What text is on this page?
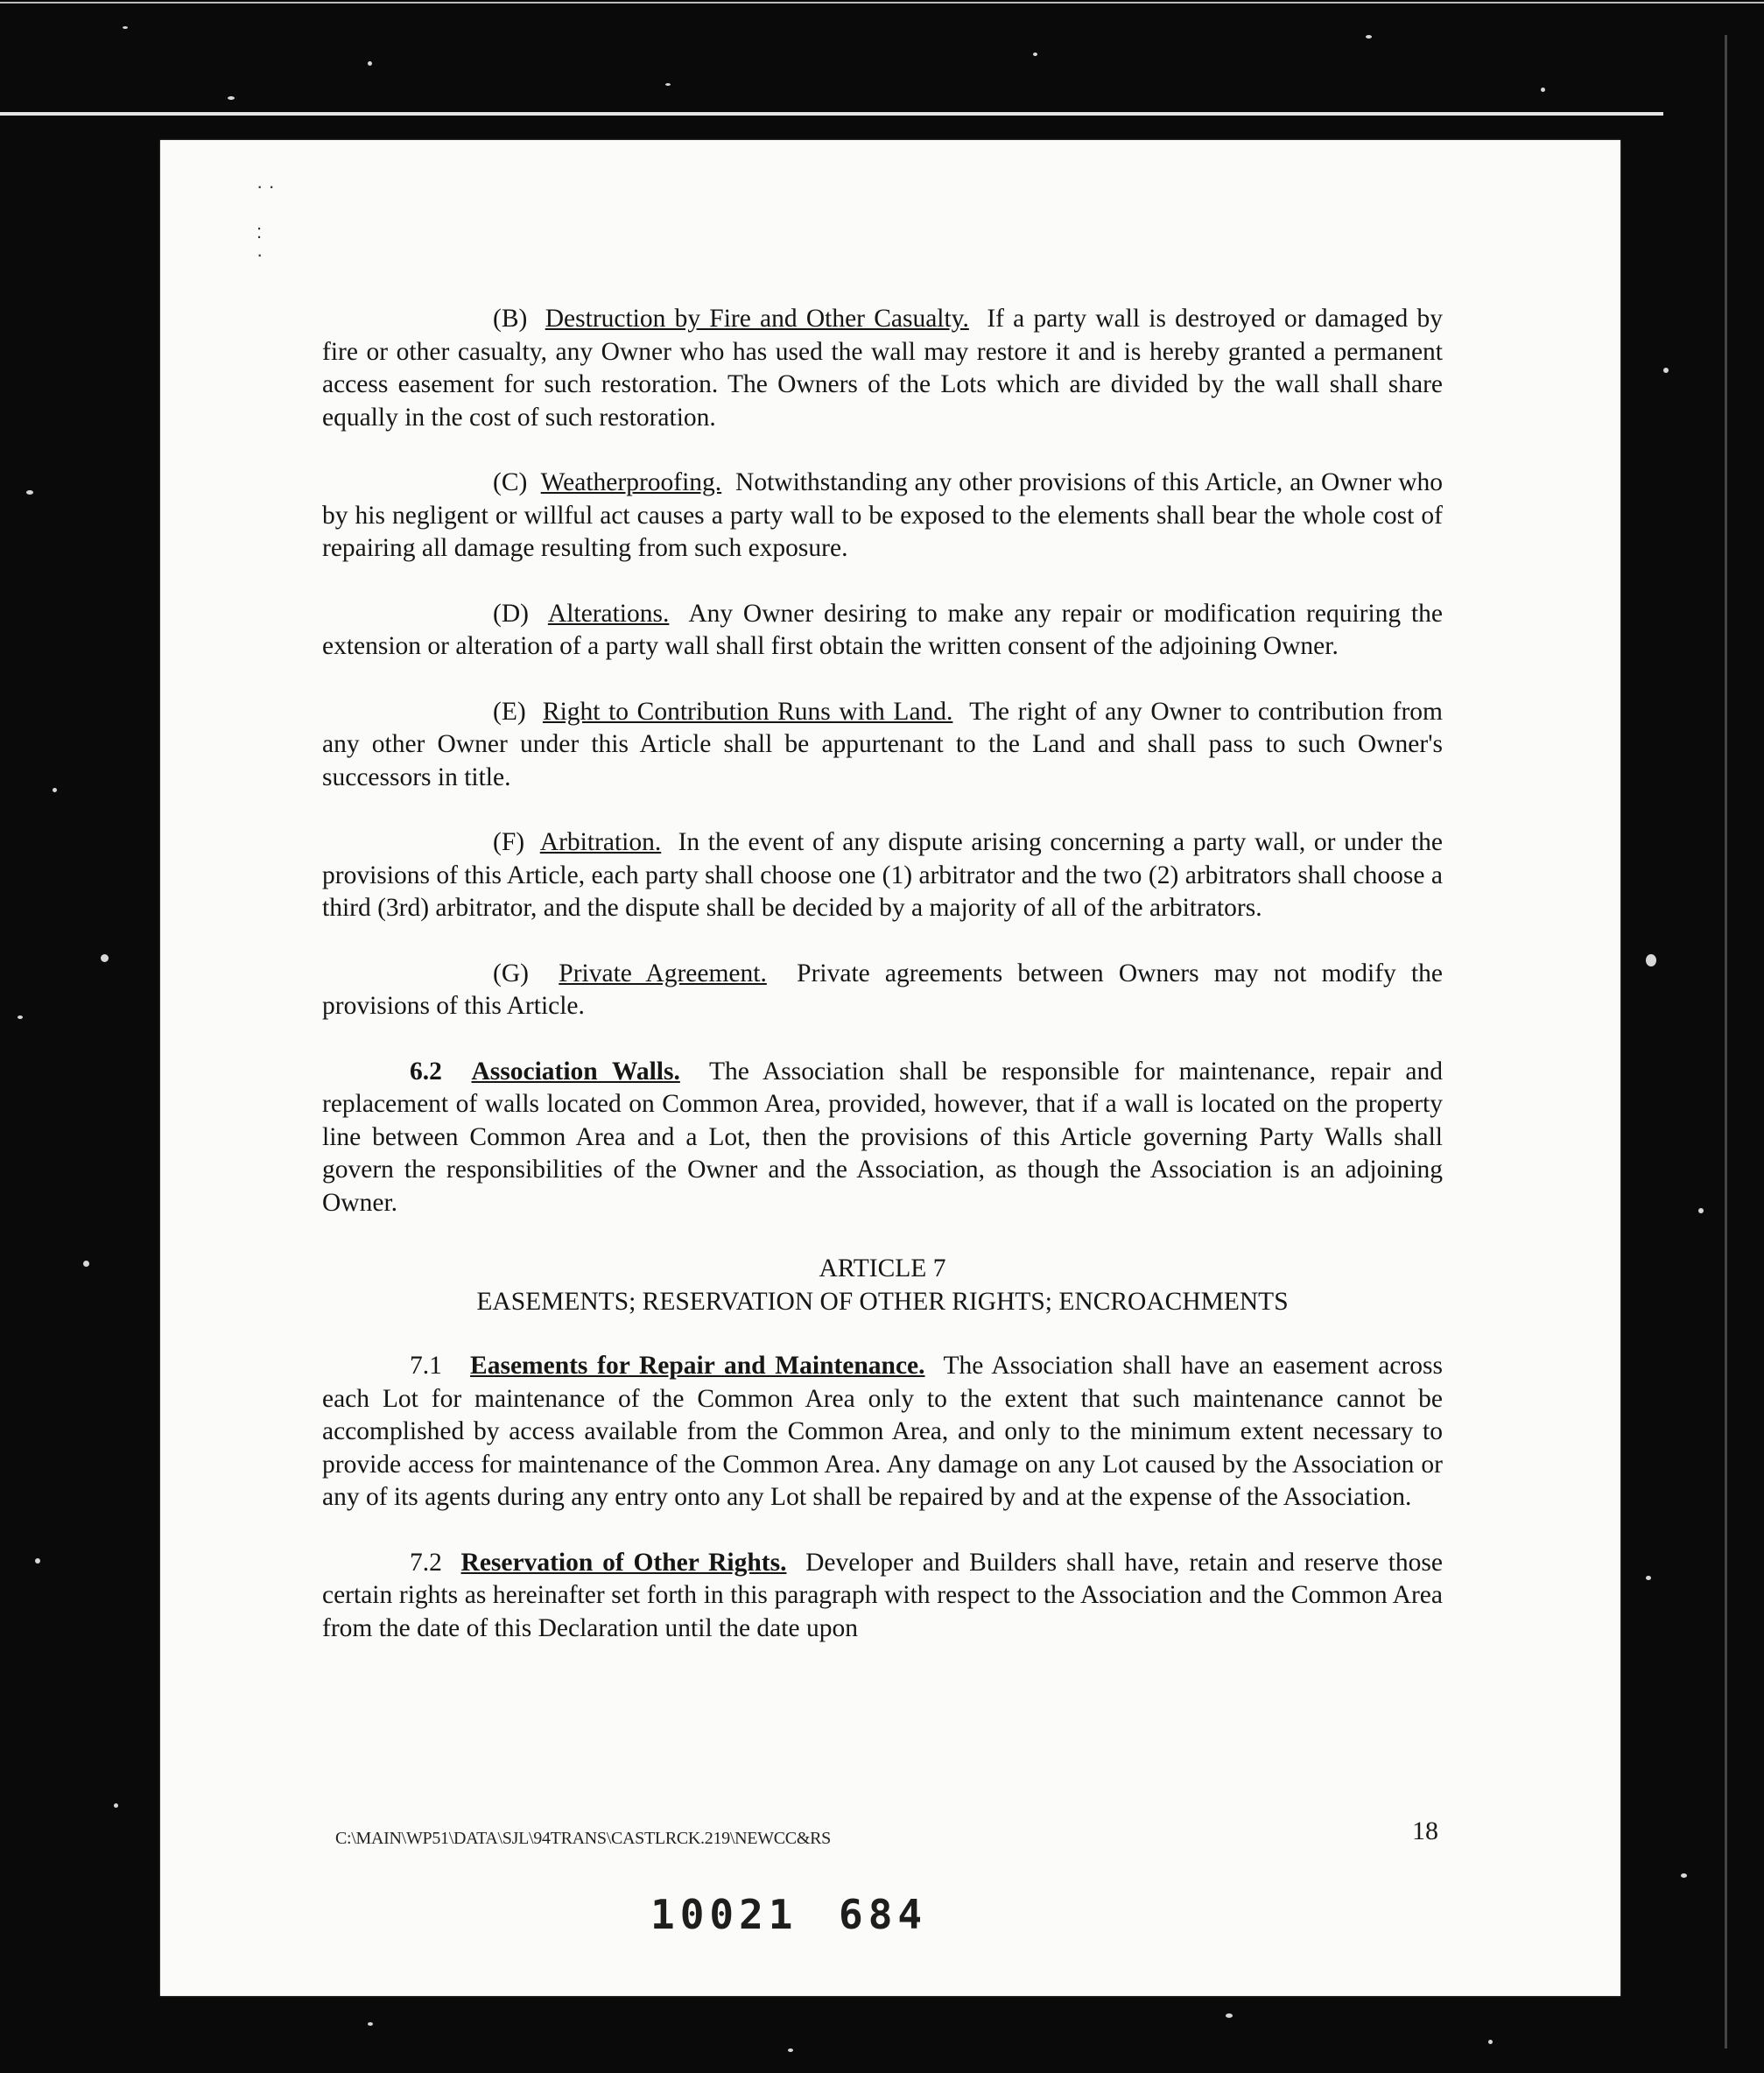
· ·

:
·

(B) Destruction by Fire and Other Casualty. If a party wall is destroyed or damaged by fire or other casualty, any Owner who has used the wall may restore it and is hereby granted a permanent access easement for such restoration. The Owners of the Lots which are divided by the wall shall share equally in the cost of such restoration.

(C) Weatherproofing. Notwithstanding any other provisions of this Article, an Owner who by his negligent or willful act causes a party wall to be exposed to the elements shall bear the whole cost of repairing all damage resulting from such exposure.

(D) Alterations. Any Owner desiring to make any repair or modification requiring the extension or alteration of a party wall shall first obtain the written consent of the adjoining Owner.

(E) Right to Contribution Runs with Land. The right of any Owner to contribution from any other Owner under this Article shall be appurtenant to the Land and shall pass to such Owner's successors in title.

(F) Arbitration. In the event of any dispute arising concerning a party wall, or under the provisions of this Article, each party shall choose one (1) arbitrator and the two (2) arbitrators shall choose a third (3rd) arbitrator, and the dispute shall be decided by a majority of all of the arbitrators.

(G) Private Agreement. Private agreements between Owners may not modify the provisions of this Article.

6.2 Association Walls. The Association shall be responsible for maintenance, repair and replacement of walls located on Common Area, provided, however, that if a wall is located on the property line between Common Area and a Lot, then the provisions of this Article governing Party Walls shall govern the responsibilities of the Owner and the Association, as though the Association is an adjoining Owner.

ARTICLE 7

EASEMENTS; RESERVATION OF OTHER RIGHTS; ENCROACHMENTS

7.1 Easements for Repair and Maintenance. The Association shall have an easement across each Lot for maintenance of the Common Area only to the extent that such maintenance cannot be accomplished by access available from the Common Area, and only to the minimum extent necessary to provide access for maintenance of the Common Area. Any damage on any Lot caused by the Association or any of its agents during any entry onto any Lot shall be repaired by and at the expense of the Association.

7.2 Reservation of Other Rights. Developer and Builders shall have, retain and reserve those certain rights as hereinafter set forth in this paragraph with respect to the Association and the Common Area from the date of this Declaration until the date upon

C:\MAIN\WP51\DATA\SJL\94TRANS\CASTLRCK.219\NEWCC&RS	18
10021 684
